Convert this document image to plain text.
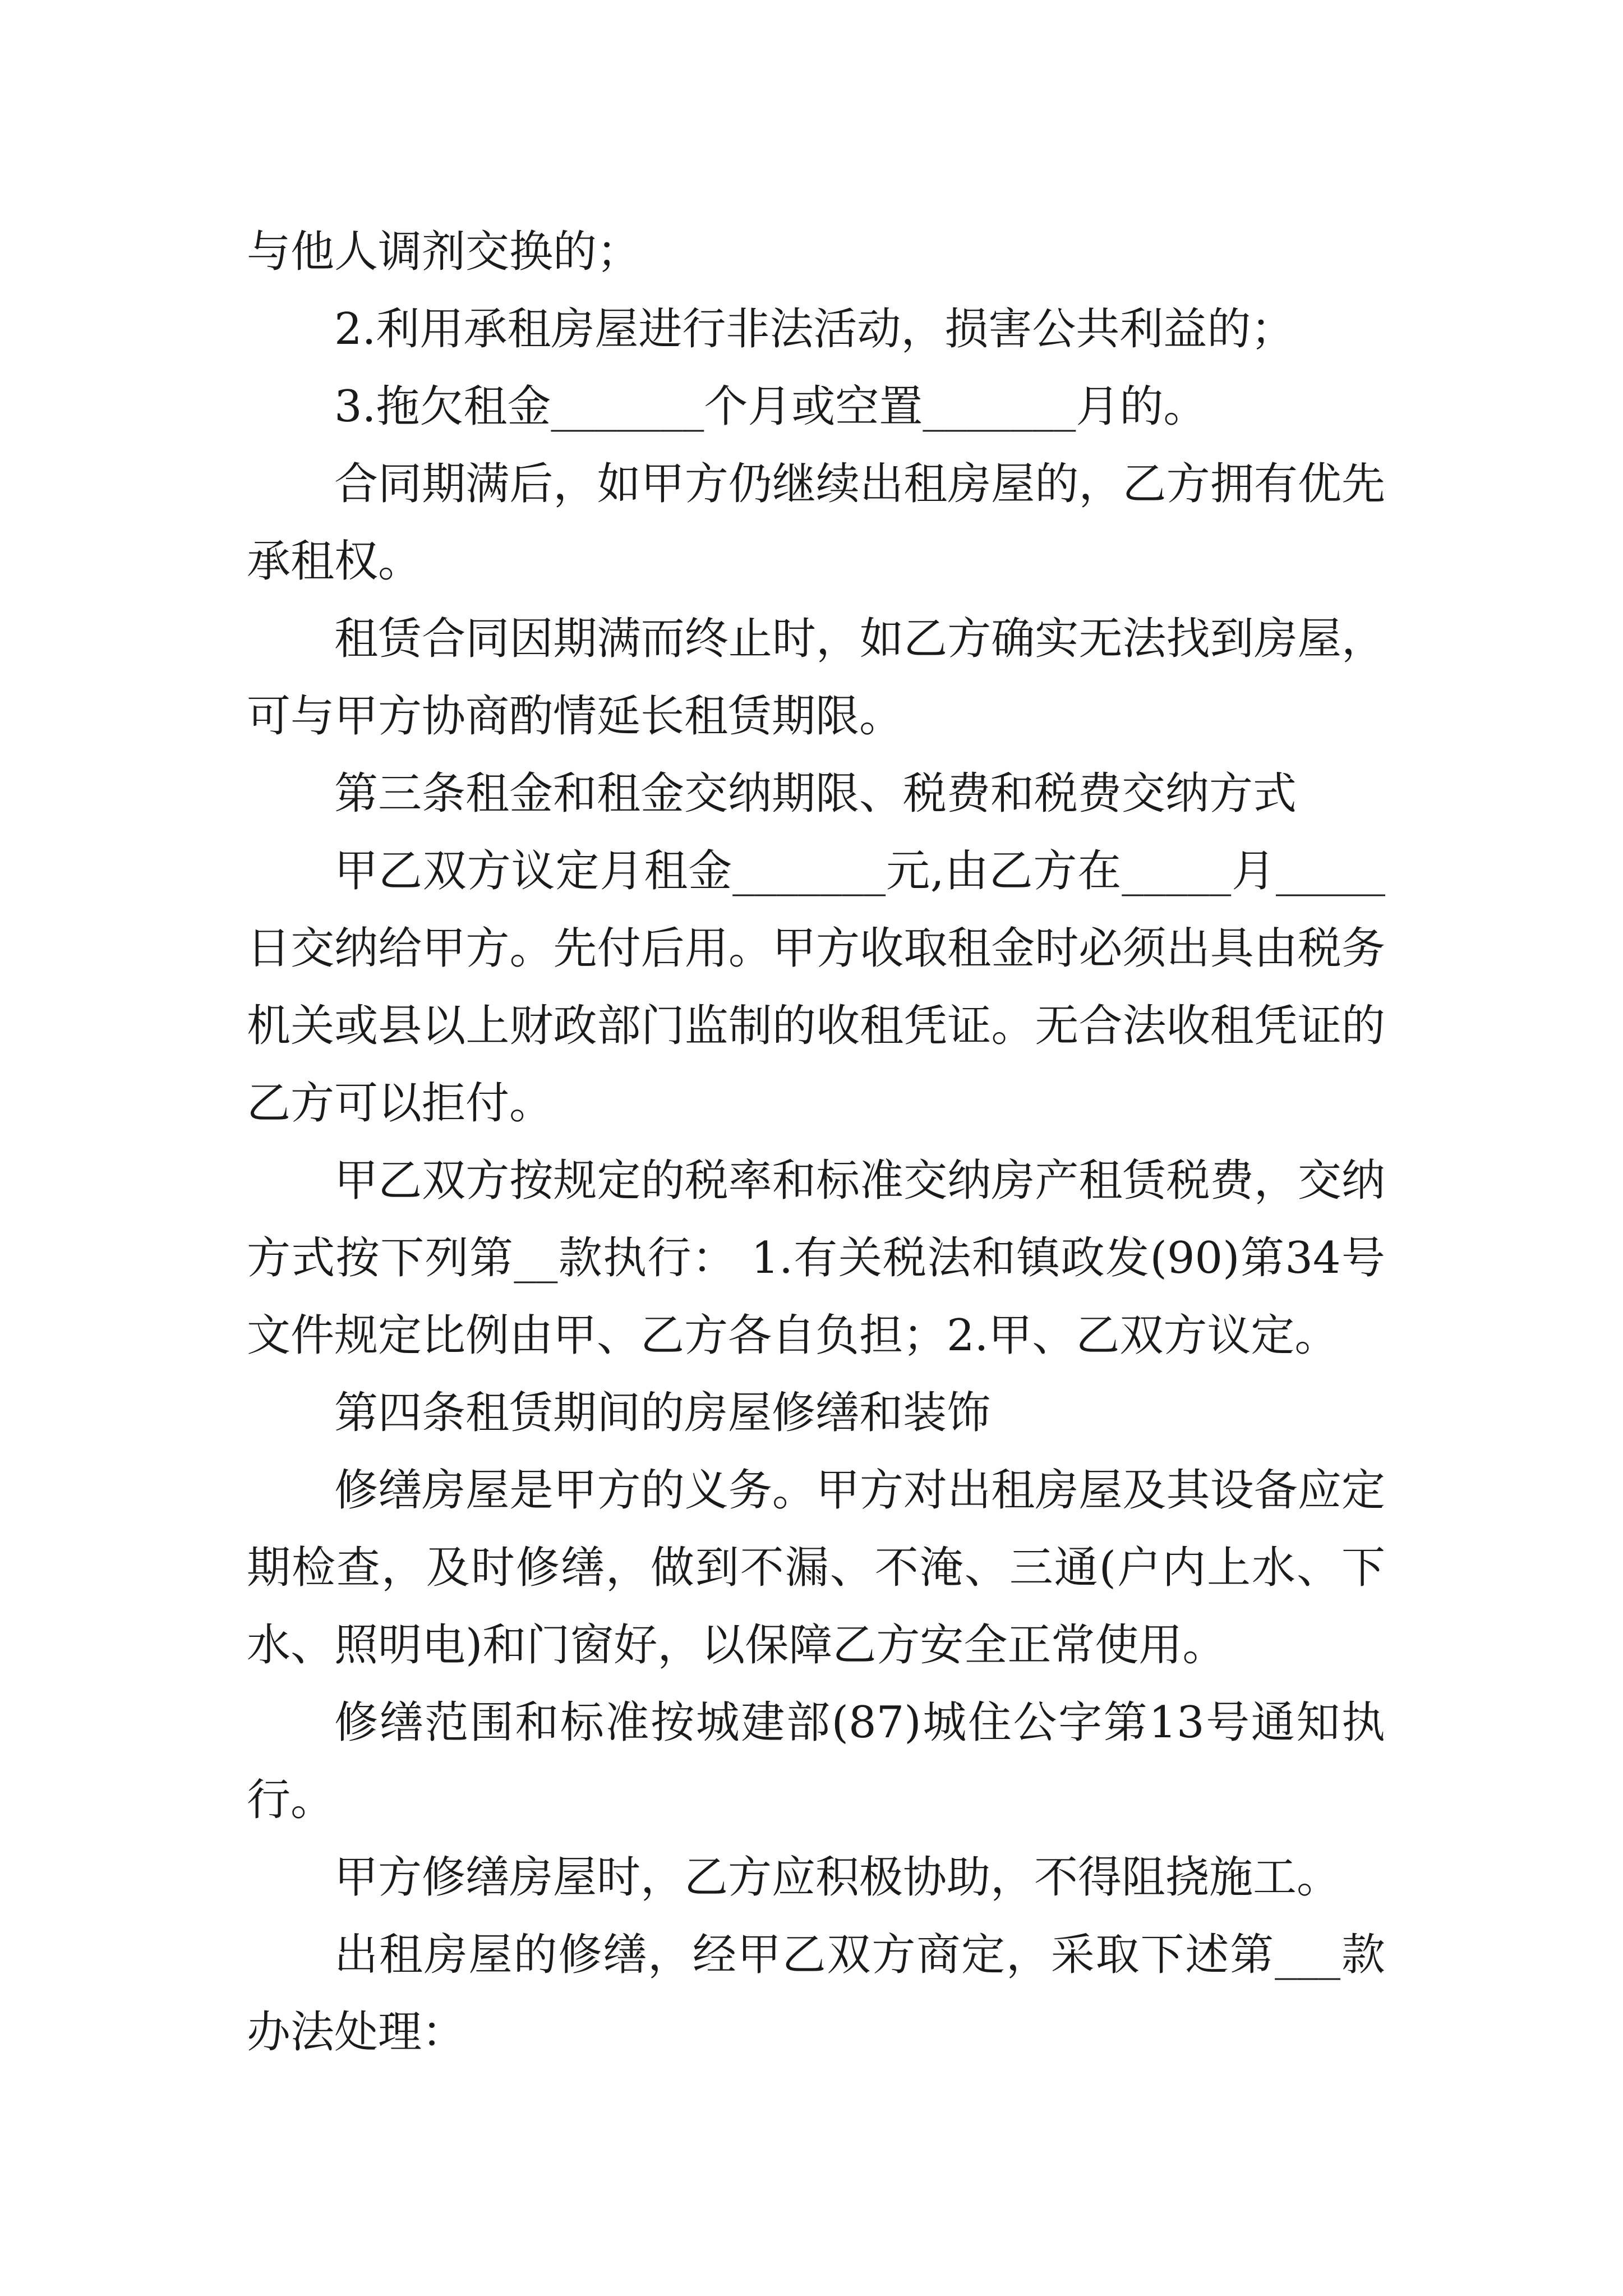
与他人调剂交换的；

2.利用承租房屋进行非法活动，损害公共利益的；

3.拖欠租金_______个月或空置_______月的。

合同期满后，如甲方仍继续出租房屋的，乙方拥有优先承租权。

租赁合同因期满而终止时，如乙方确实无法找到房屋，可与甲方协商酌情延长租赁期限。

第三条租金和租金交纳期限、税费和税费交纳方式

甲乙双方议定月租金_______元,由乙方在_____月_____日交纳给甲方。先付后用。甲方收取租金时必须出具由税务机关或县以上财政部门监制的收租凭证。无合法收租凭证的乙方可以拒付。

甲乙双方按规定的税率和标准交纳房产租赁税费，交纳方式按下列第__款执行： 1.有关税法和镇政发(90)第34号文件规定比例由甲、乙方各自负担；2.甲、乙双方议定。

第四条租赁期间的房屋修缮和装饰

修缮房屋是甲方的义务。甲方对出租房屋及其设备应定期检查，及时修缮，做到不漏、不淹、三通(户内上水、下水、照明电)和门窗好，以保障乙方安全正常使用。

修缮范围和标准按城建部(87)城住公字第13号通知执行。

甲方修缮房屋时，乙方应积极协助，不得阻挠施工。

出租房屋的修缮，经甲乙双方商定，采取下述第___款办法处理：
